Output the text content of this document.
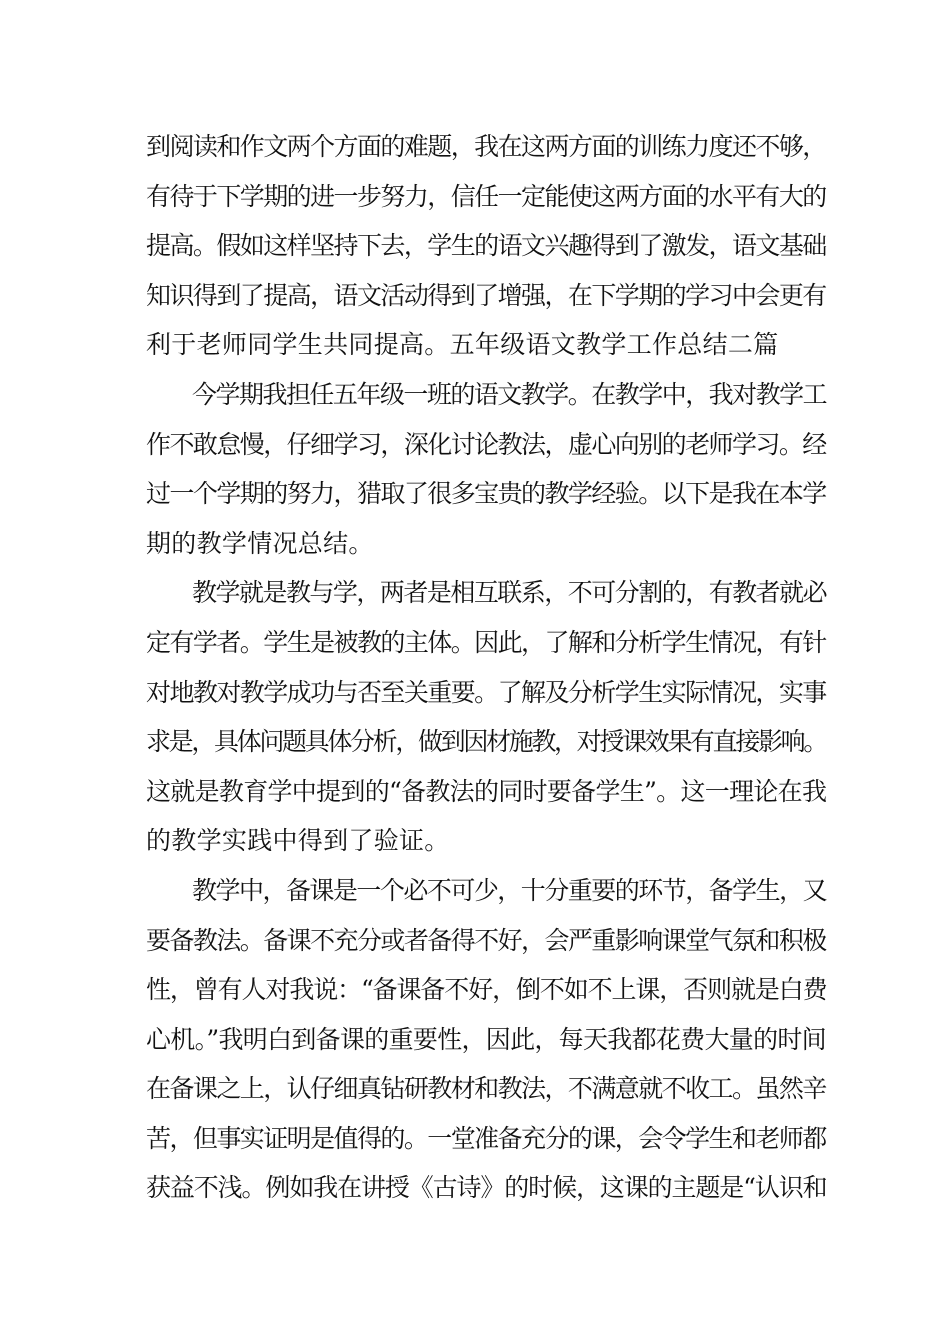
到阅读和作文两个方面的难题，我在这两方面的训练力度还不够，
有待于下学期的进一步努力，信任一定能使这两方面的水平有大的
提高。假如这样坚持下去，学生的语文兴趣得到了激发，语文基础
知识得到了提高，语文活动得到了增强，在下学期的学习中会更有
利于老师同学生共同提高。五年级语文教学工作总结二篇
今学期我担任五年级一班的语文教学。在教学中，我对教学工
作不敢怠慢，仔细学习，深化讨论教法，虚心向别的老师学习。经
过一个学期的努力，猎取了很多宝贵的教学经验。以下是我在本学
期的教学情况总结。
教学就是教与学，两者是相互联系，不可分割的，有教者就必
定有学者。学生是被教的主体。因此，了解和分析学生情况，有针
对地教对教学成功与否至关重要。了解及分析学生实际情况，实事
求是，具体问题具体分析，做到因材施教，对授课效果有直接影响。
这就是教育学中提到的“备教法的同时要备学生”。这一理论在我
的教学实践中得到了验证。
教学中，备课是一个必不可少，十分重要的环节，备学生，又
要备教法。备课不充分或者备得不好，会严重影响课堂气氛和积极
性，曾有人对我说：“备课备不好，倒不如不上课，否则就是白费
心机。”我明白到备课的重要性，因此，每天我都花费大量的时间
在备课之上，认仔细真钻研教材和教法，不满意就不收工。虽然辛
苦，但事实证明是值得的。一堂准备充分的课，会令学生和老师都
获益不浅。例如我在讲授《古诗》的时候，这课的主题是“认识和
